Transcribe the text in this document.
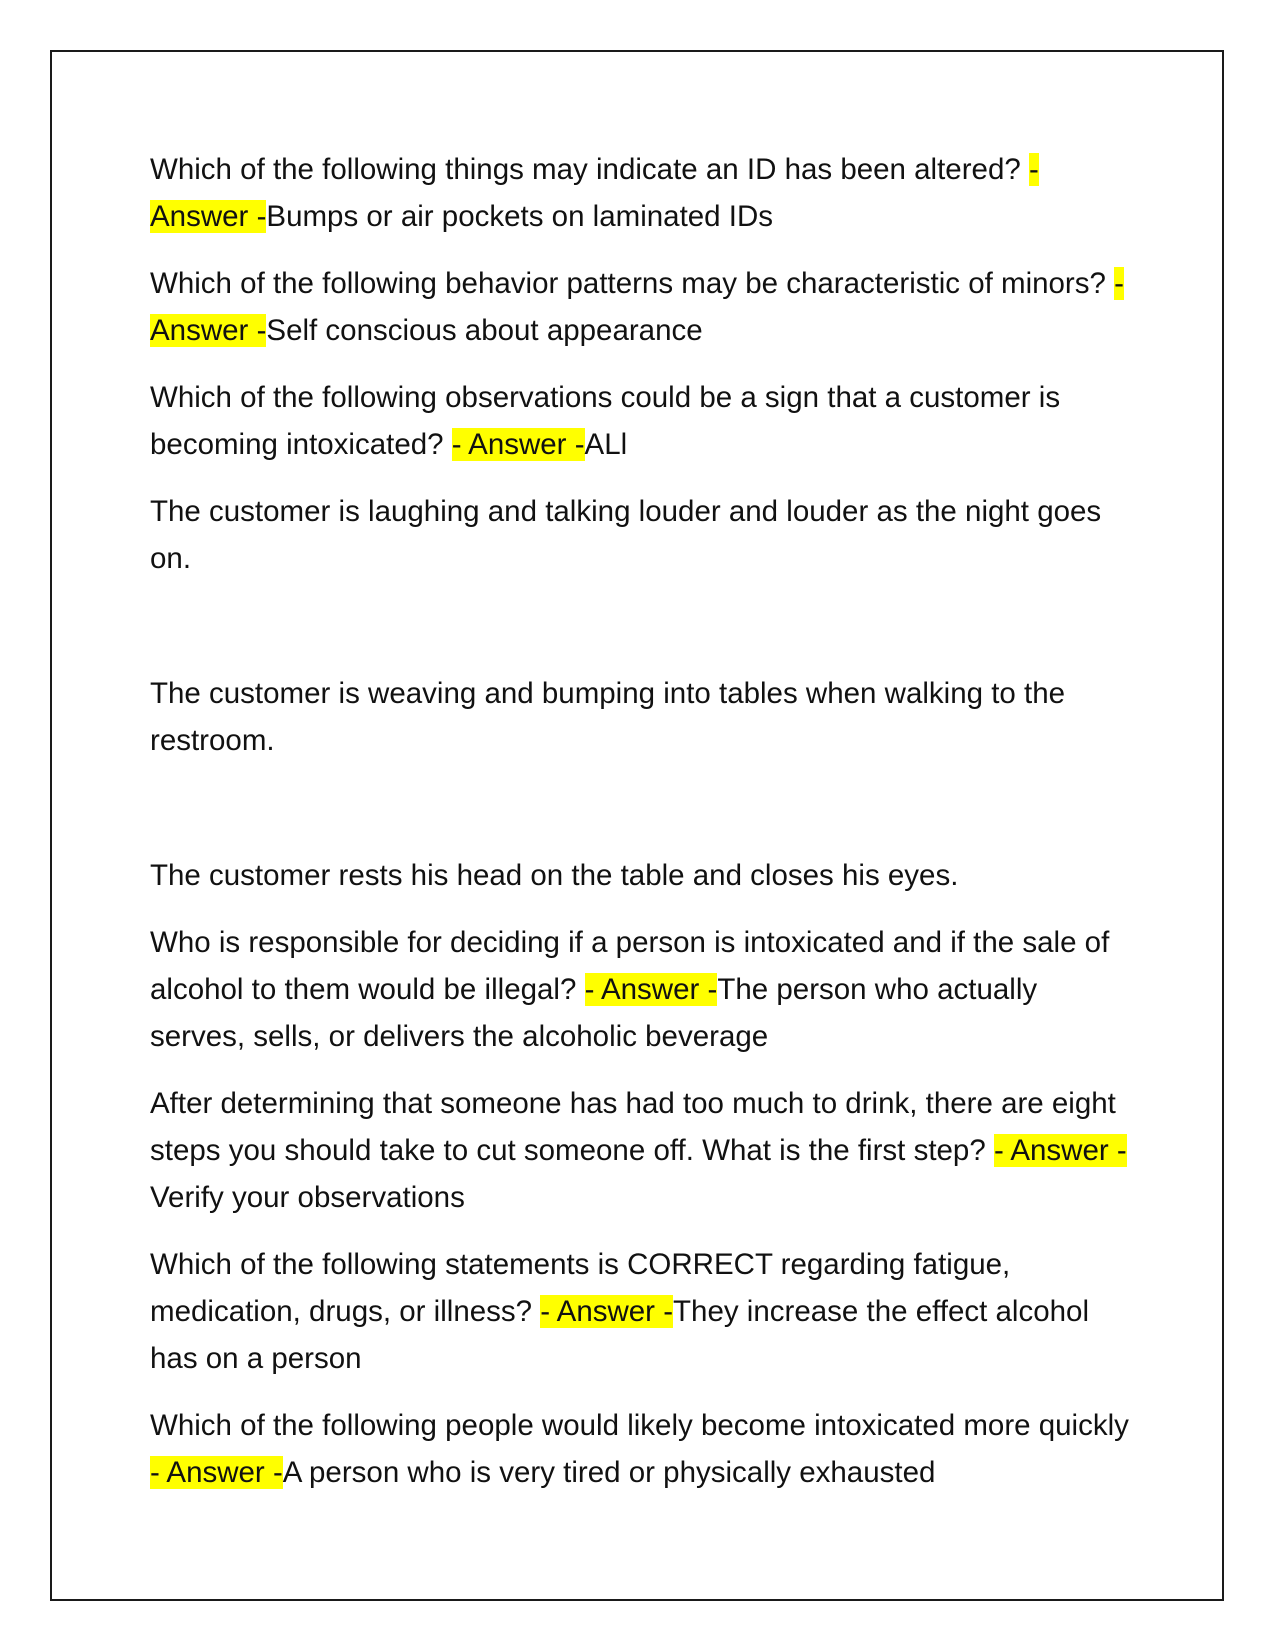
Which of the following things may indicate an ID has been altered? - Answer -Bumps or air pockets on laminated IDs

Which of the following behavior patterns may be characteristic of minors? - Answer -Self conscious about appearance

Which of the following observations could be a sign that a customer is becoming intoxicated? - Answer -ALl

The customer is laughing and talking louder and louder as the night goes on.

The customer is weaving and bumping into tables when walking to the restroom.

The customer rests his head on the table and closes his eyes.

Who is responsible for deciding if a person is intoxicated and if the sale of alcohol to them would be illegal? - Answer -The person who actually serves, sells, or delivers the alcoholic beverage

After determining that someone has had too much to drink, there are eight steps you should take to cut someone off. What is the first step? - Answer -Verify your observations

Which of the following statements is CORRECT regarding fatigue, medication, drugs, or illness? - Answer -They increase the effect alcohol has on a person

Which of the following people would likely become intoxicated more quickly - Answer -A person who is very tired or physically exhausted
